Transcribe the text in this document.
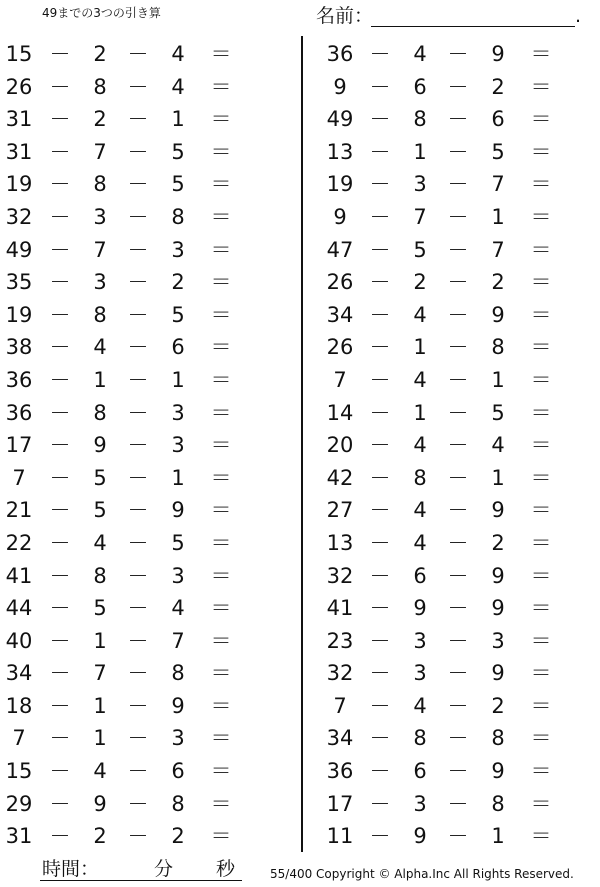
49までの3つの引き算	名前：	.
15 －	2 －	4	＝
26 －	8 －	4	＝
31 －	2 －	1	＝
31 －	7 －	5	＝
19 －	8 －	5	＝
32 －	3 －	8	＝
49 －	7 －	3	＝
35 －	3 －	2	＝
19 －	8 －	5	＝
38 －	4 －	6	＝
36 －	1 －	1	＝
36 －	8 －	3	＝
17 －	9 －	3	＝
7	－	5 －	1	＝
21 －	5 －	9	＝
22 －	4 －	5	＝
41 －	8 －	3	＝
44 －	5 －	4	＝
40 －	1 －	7	＝
34 －	7 －	8	＝
18 －	1 －	9	＝
7	－	1 －	3	＝
15 －	4 －	6	＝
29 －	9 －	8	＝
31 －	2 －	2	＝
36 －	4 －	9	＝
9	－	6 －	2	＝
49 －	8 －	6	＝
13 －	1 －	5	＝
19 －	3 －	7	＝
9	－	7 －	1	＝
47 －	5 －	7	＝
26 －	2 －	2	＝
34 －	4 －	9	＝
26 －	1 －	8	＝
7	－	4 －	1	＝
14 －	1 －	5	＝
20 －	4 －	4	＝
42 －	8 －	1	＝
27 －	4 －	9	＝
13 －	4 －	2	＝
32 －	6 －	9	＝
41 －	9 －	9	＝
23 －	3 －	3	＝
32 －	3 －	9	＝
7	－	4 －	2	＝
34 －	8 －	8	＝
36 －	6 －	9	＝
17 －	3 －	8	＝
11 －	9 －	1	＝
時間：	分 秒	55/400 Copyright © Alpha.Inc All Rights Reserved.
